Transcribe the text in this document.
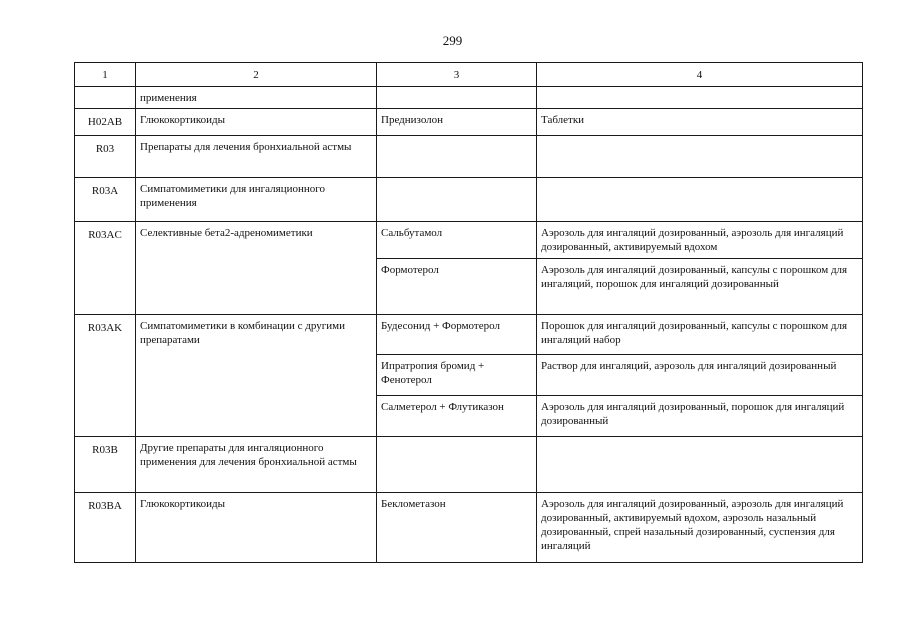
299
1	2	3	4
	применения		
H02AB	Глюкокортикоиды	Преднизолон	Таблетки
R03	Препараты для лечения бронхиальной астмы		
R03A	Симпатомиметики для ингаляционного применения		
R03AC	Селективные бета2-адреномиметики	Сальбутамол	Аэрозоль для ингаляций дозированный, аэрозоль для ингаляций дозированный, активируемый вдохом
		Формотерол	Аэрозоль для ингаляций дозированный, капсулы с порошком для ингаляций, порошок для ингаляций дозированный
R03AK	Симпатомиметики в комбинации с другими препаратами	Будесонид + Формотерол	Порошок для ингаляций дозированный, капсулы с порошком для ингаляций набор
		Ипратропия бромид + Фенотерол	Раствор для ингаляций, аэрозоль для ингаляций дозированный
		Салметерол + Флутиказон	Аэрозоль для ингаляций дозированный, порошок для ингаляций дозированный
R03B	Другие препараты для ингаляционного применения для лечения бронхиальной астмы		
R03BA	Глюкокортикоиды	Беклометазон	Аэрозоль для ингаляций дозированный, аэрозоль для ингаляций дозированный, активируемый вдохом, аэрозоль назальный дозированный, спрей назальный дозированный, суспензия для ингаляций
